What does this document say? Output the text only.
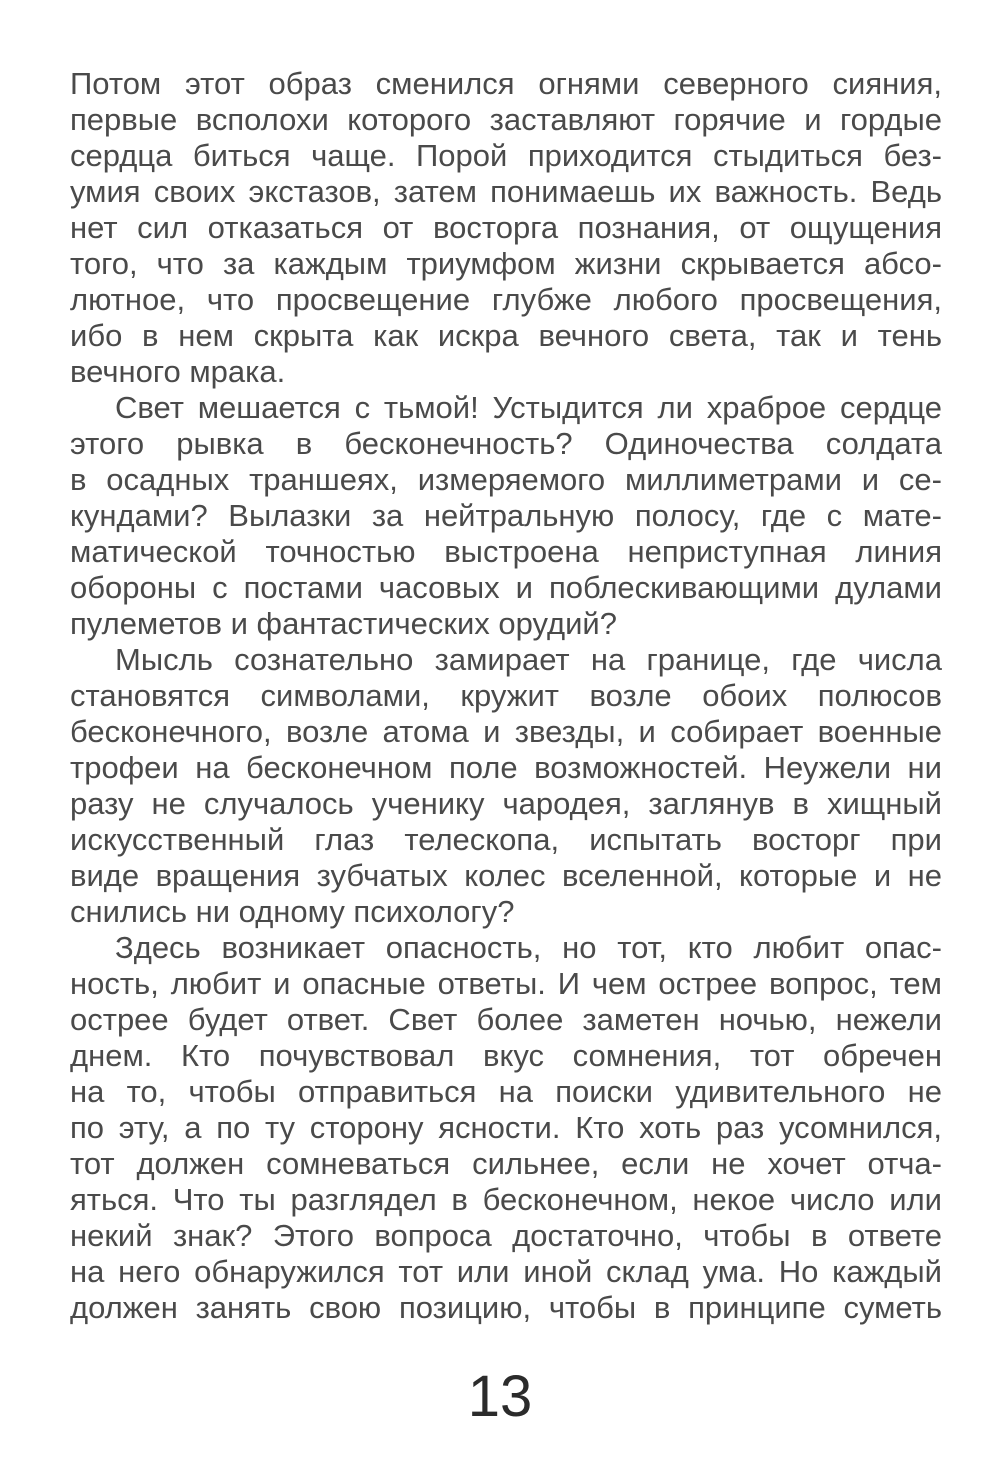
Потом этот образ сменился огнями северного сияния,
первые всполохи которого заставляют горячие и гордые
сердца биться чаще. Порой приходится стыдиться без-
умия своих экстазов, затем понимаешь их важность. Ведь
нет сил отказаться от восторга познания, от ощущения
того, что за каждым триумфом жизни скрывается абсо-
лютное, что просвещение глубже любого просвещения,
ибо в нем скрыта как искра вечного света, так и тень
вечного мрака.
Свет мешается с тьмой! Устыдится ли храброе сердце
этого рывка в бесконечность? Одиночества солдата
в осадных траншеях, измеряемого миллиметрами и се-
кундами? Вылазки за нейтральную полосу, где с мате-
матической точностью выстроена неприступная линия
обороны с постами часовых и поблескивающими дулами
пулеметов и фантастических орудий?
Мысль сознательно замирает на границе, где числа
становятся символами, кружит возле обоих полюсов
бесконечного, возле атома и звезды, и собирает военные
трофеи на бесконечном поле возможностей. Неужели ни
разу не случалось ученику чародея, заглянув в хищный
искусственный глаз телескопа, испытать восторг при
виде вращения зубчатых колес вселенной, которые и не
снились ни одному психологу?
Здесь возникает опасность, но тот, кто любит опас-
ность, любит и опасные ответы. И чем острее вопрос, тем
острее будет ответ. Свет более заметен ночью, нежели
днем. Кто почувствовал вкус сомнения, тот обречен
на то, чтобы отправиться на поиски удивительного не
по эту, а по ту сторону ясности. Кто хоть раз усомнился,
тот должен сомневаться сильнее, если не хочет отча-
яться. Что ты разглядел в бесконечном, некое число или
некий знак? Этого вопроса достаточно, чтобы в ответе
на него обнаружился тот или иной склад ума. Но каждый
должен занять свою позицию, чтобы в принципе суметь
13
